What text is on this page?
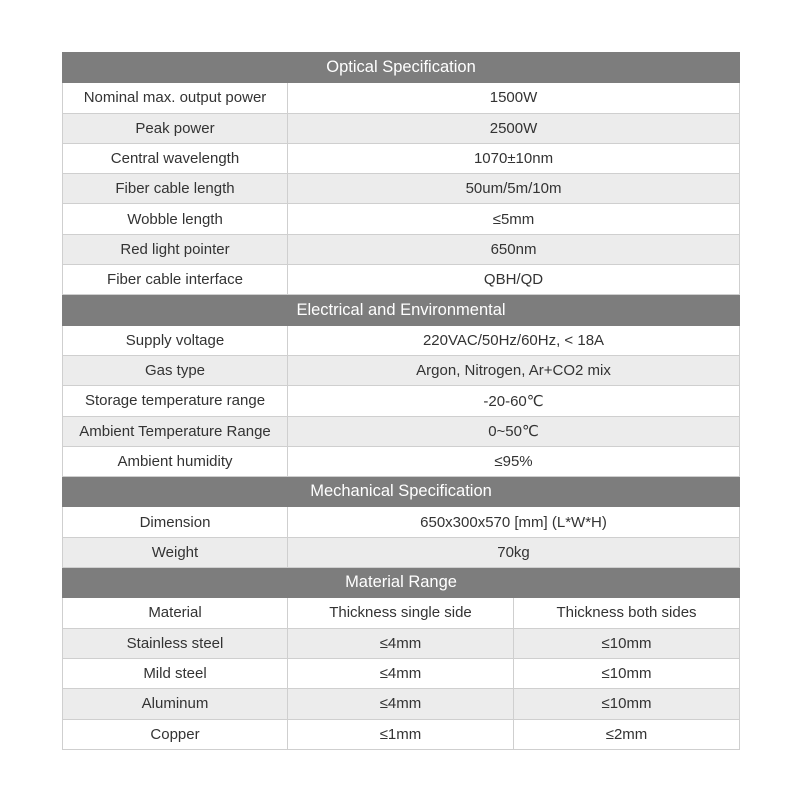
Optical Specification		
Nominal max. output power	1500W	
Peak power	2500W	
Central wavelength	1070±10nm	
Fiber cable length	50um/5m/10m	
Wobble length	≤5mm	
Red light pointer	650nm	
Fiber cable interface	QBH/QD	
Electrical and Environmental		
Supply voltage	220VAC/50Hz/60Hz, < 18A	
Gas type	Argon, Nitrogen, Ar+CO2 mix	
Storage temperature range	-20-60℃	
Ambient Temperature Range	0~50℃	
Ambient humidity	≤95%	
Mechanical Specification		
Dimension	650x300x570 [mm] (L*W*H)	
Weight	70kg	
Material Range		
Material	Thickness single side	Thickness both sides
Stainless steel	≤4mm	≤10mm
Mild steel	≤4mm	≤10mm
Aluminum	≤4mm	≤10mm
Copper	≤1mm	≤2mm
